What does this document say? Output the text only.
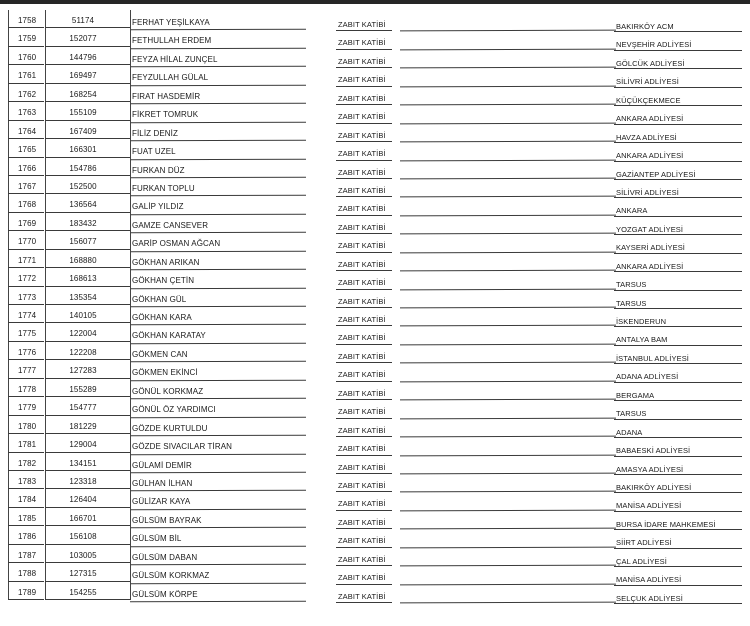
1758	51174	FERHAT YEŞİLKAYA	ZABIT KATİBİ	BAKIRKÖY ACM
1759	152077	FETHULLAH ERDEM	ZABIT KATİBİ	NEVŞEHİR ADLİYESİ
1760	144796	FEYZA HİLAL ZUNÇEL	ZABIT KATİBİ	GÖLCÜK ADLİYESİ
1761	169497	FEYZULLAH GÜLAL	ZABIT KATİBİ	SİLİVRİ ADLİYESİ
1762	168254	FIRAT HASDEMİR	ZABIT KATİBİ	KÜÇÜKÇEKMECE
1763	155109	FİKRET TOMRUK	ZABIT KATİBİ	ANKARA ADLİYESİ
1764	167409	FİLİZ DENİZ	ZABIT KATİBİ	HAVZA ADLİYESİ
1765	166301	FUAT UZEL	ZABIT KATİBİ	ANKARA ADLİYESİ
1766	154786	FURKAN DÜZ	ZABIT KATİBİ	GAZİANTEP ADLİYESİ
1767	152500	FURKAN TOPLU	ZABIT KATİBİ	SİLİVRİ ADLİYESİ
1768	136564	GALİP YILDIZ	ZABIT KATİBİ	ANKARA
1769	183432	GAMZE CANSEVER	ZABIT KATİBİ	YOZGAT ADLİYESİ
1770	156077	GARİP OSMAN AĞCAN	ZABIT KATİBİ	KAYSERİ ADLİYESİ
1771	168880	GÖKHAN ARIKAN	ZABIT KATİBİ	ANKARA ADLİYESİ
1772	168613	GÖKHAN ÇETİN	ZABIT KATİBİ	TARSUS
1773	135354	GÖKHAN GÜL	ZABIT KATİBİ	TARSUS
1774	140105	GÖKHAN KARA	ZABIT KATİBİ	İSKENDERUN
1775	122004	GÖKHAN KARATAY	ZABIT KATİBİ	ANTALYA BAM
1776	122208	GÖKMEN CAN	ZABIT KATİBİ	İSTANBUL ADLİYESİ
1777	127283	GÖKMEN EKİNCİ	ZABIT KATİBİ	ADANA ADLİYESİ
1778	155289	GÖNÜL KORKMAZ	ZABIT KATİBİ	BERGAMA
1779	154777	GÖNÜL ÖZ YARDIMCI	ZABIT KATİBİ	TARSUS
1780	181229	GÖZDE KURTULDU	ZABIT KATİBİ	ADANA
1781	129004	GÖZDE SIVACILAR TİRAN	ZABIT KATİBİ	BABAESKİ ADLİYESİ
1782	134151	GÜLAMİ DEMİR	ZABIT KATİBİ	AMASYA ADLİYESİ
1783	123318	GÜLHAN İLHAN	ZABIT KATİBİ	BAKIRKÖY ADLİYESİ
1784	126404	GÜLİZAR KAYA	ZABIT KATİBİ	MANİSA ADLİYESİ
1785	166701	GÜLSÜM BAYRAK	ZABIT KATİBİ	BURSA İDARE MAHKEMESİ
1786	156108	GÜLSÜM BİL	ZABIT KATİBİ	SİİRT ADLİYESİ
1787	103005	GÜLSÜM DABAN	ZABIT KATİBİ	ÇAL ADLİYESİ
1788	127315	GÜLSÜM KORKMAZ	ZABIT KATİBİ	MANİSA ADLİYESİ
1789	154255	GÜLSÜM KÖRPE	ZABIT KATİBİ	SELÇUK ADLİYESİ
